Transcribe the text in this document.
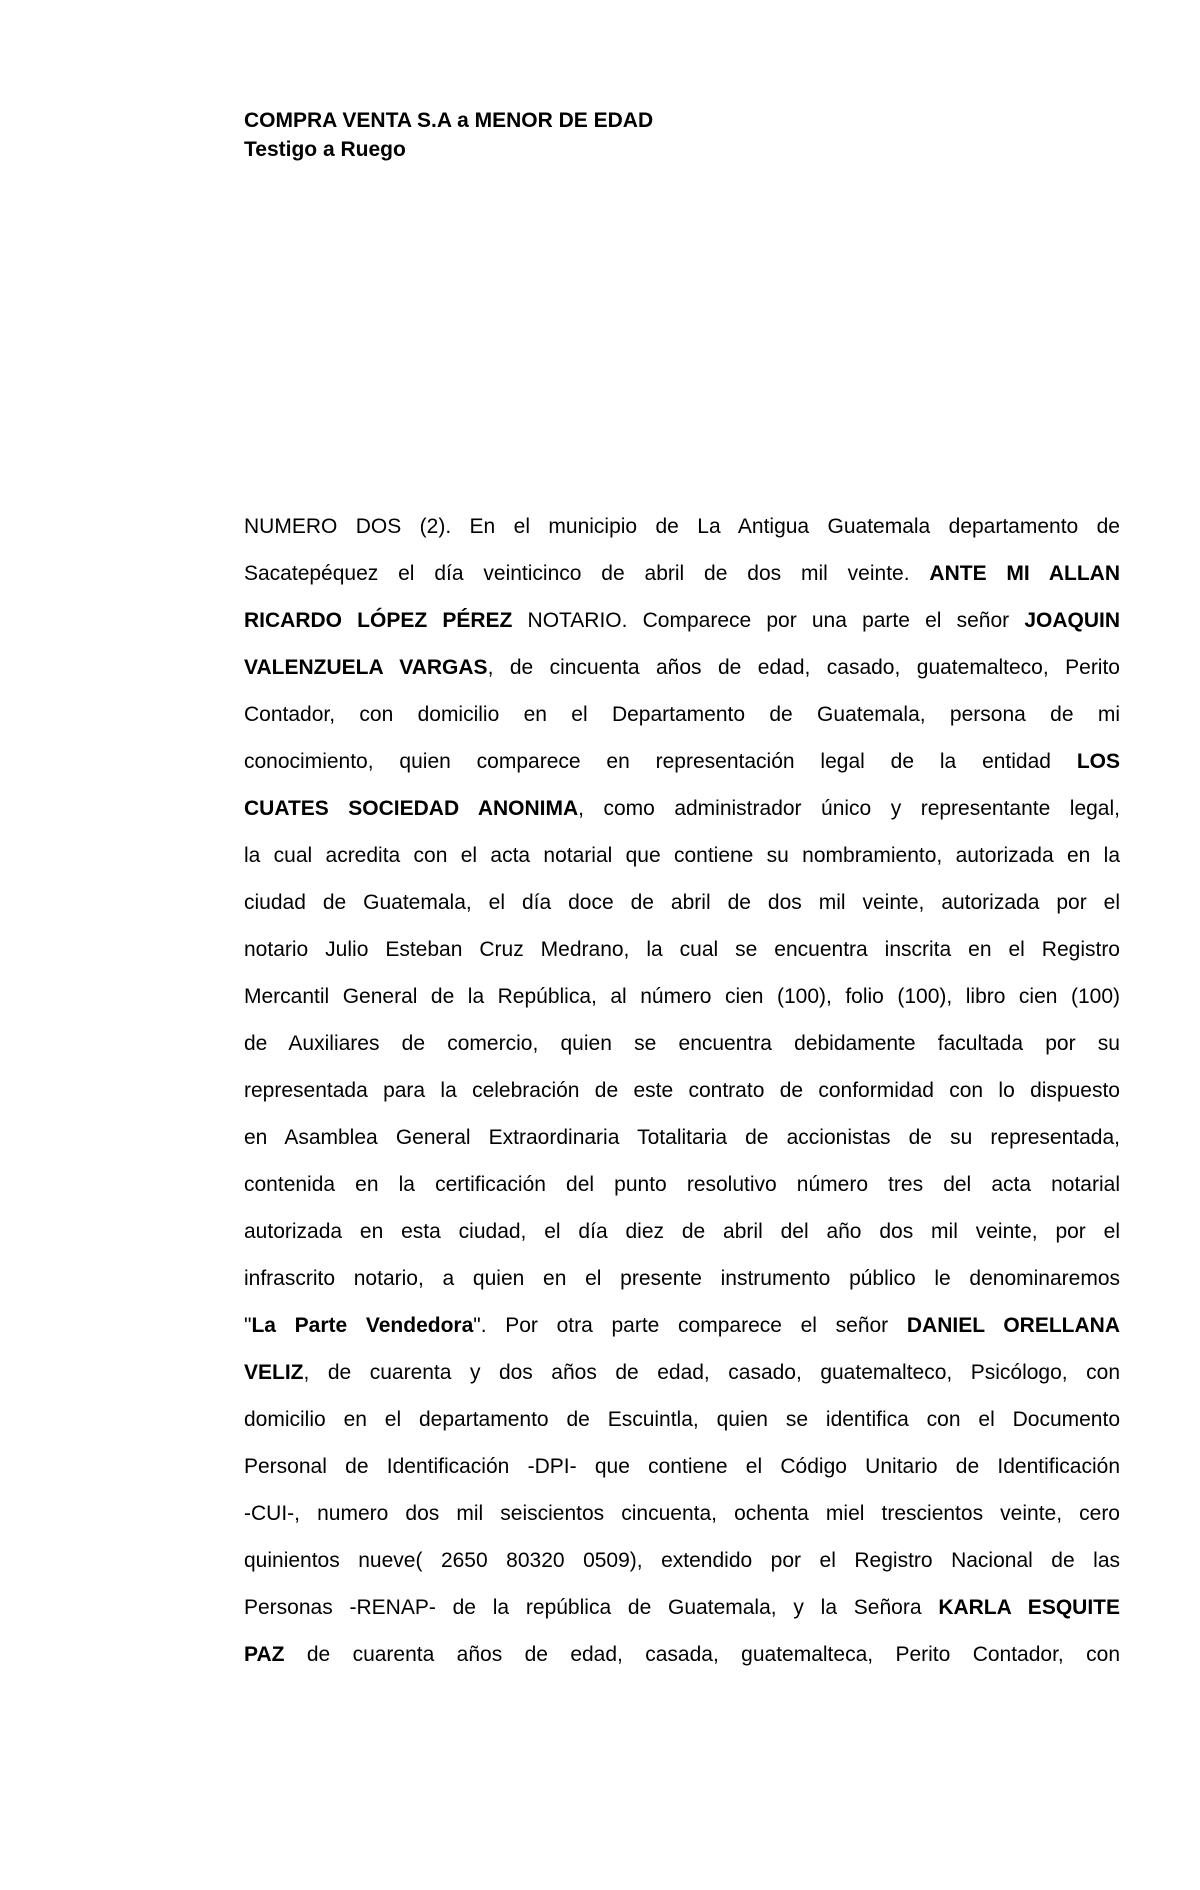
COMPRA VENTA S.A a MENOR DE EDAD
Testigo a Ruego
NUMERO DOS (2). En el municipio de La Antigua Guatemala departamento de
Sacatepéquez el día veinticinco de abril de dos mil veinte. ANTE MI ALLAN
RICARDO LÓPEZ PÉREZ NOTARIO. Comparece por una parte el señor JOAQUIN
VALENZUELA VARGAS, de cincuenta años de edad, casado, guatemalteco, Perito
Contador, con domicilio en el Departamento de Guatemala, persona de mi
conocimiento, quien comparece en representación legal de la entidad LOS
CUATES SOCIEDAD ANONIMA, como administrador único y representante legal,
la cual acredita con el acta notarial que contiene su nombramiento, autorizada en la
ciudad de Guatemala, el día doce de abril de dos mil veinte, autorizada por el
notario Julio Esteban Cruz Medrano, la cual se encuentra inscrita en el Registro
Mercantil General de la República, al número cien (100), folio (100), libro cien (100)
de Auxiliares de comercio, quien se encuentra debidamente facultada por su
representada para la celebración de este contrato de conformidad con lo dispuesto
en Asamblea General Extraordinaria Totalitaria de accionistas de su representada,
contenida en la certificación del punto resolutivo número tres del acta notarial
autorizada en esta ciudad, el día diez de abril del año dos mil veinte, por el
infrascrito notario, a quien en el presente instrumento público le denominaremos
"La Parte Vendedora". Por otra parte comparece el señor DANIEL ORELLANA
VELIZ, de cuarenta y dos años de edad, casado, guatemalteco, Psicólogo, con
domicilio en el departamento de Escuintla, quien se identifica con el Documento
Personal de Identificación -DPI- que contiene el Código Unitario de Identificación
-CUI-, numero dos mil seiscientos cincuenta, ochenta miel trescientos veinte, cero
quinientos nueve( 2650 80320 0509), extendido por el Registro Nacional de las
Personas -RENAP- de la república de Guatemala, y la Señora KARLA ESQUITE
PAZ de cuarenta años de edad, casada, guatemalteca, Perito Contador, con
